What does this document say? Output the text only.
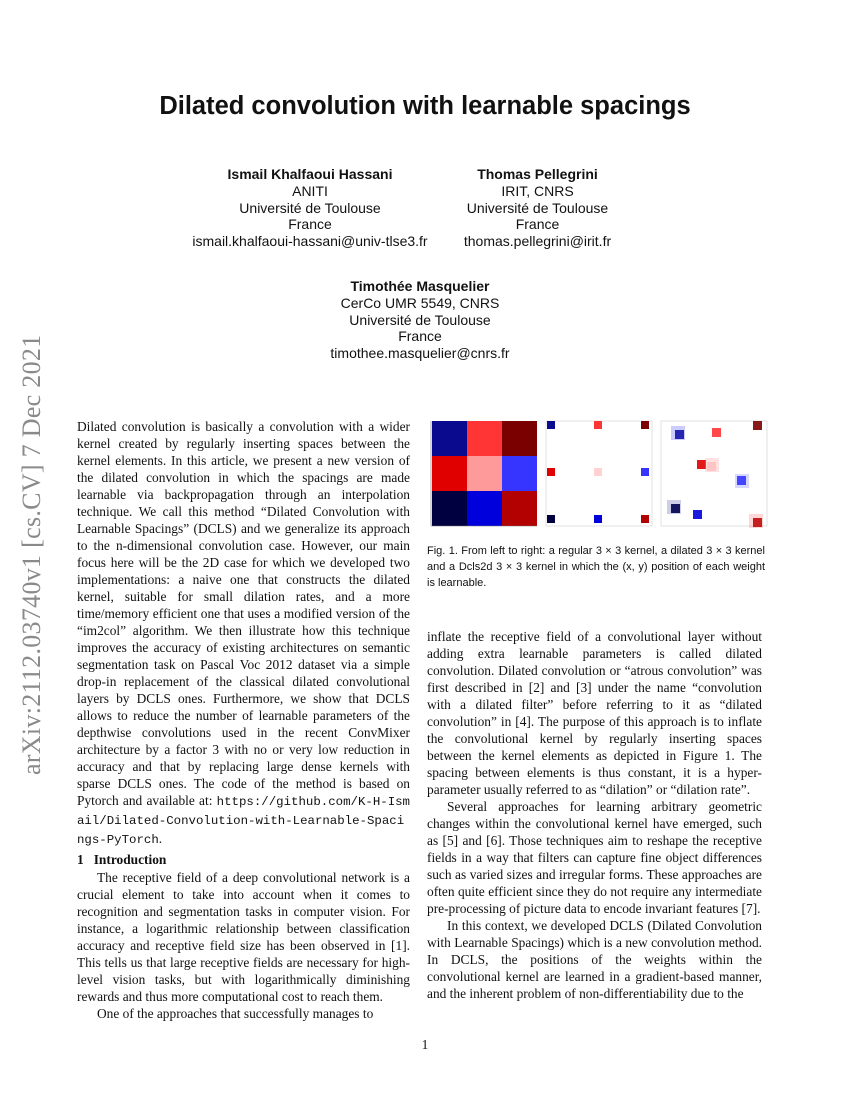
arXiv:2112.03740v1 [cs.CV] 7 Dec 2021
Dilated convolution with learnable spacings
Ismail Khalfaoui Hassani
ANITI
Université de Toulouse
France
ismail.khalfaoui-hassani@univ-tlse3.fr
Thomas Pellegrini
IRIT, CNRS
Université de Toulouse
France
thomas.pellegrini@irit.fr
Timothée Masquelier
CerCo UMR 5549, CNRS
Université de Toulouse
France
timothee.masquelier@cnrs.fr
Dilated convolution is basically a convolution with a wider kernel created by regularly inserting spaces between the kernel elements. In this article, we present a new version of the dilated convolution in which the spacings are made learnable via backpropagation through an interpolation technique. We call this method “Dilated Convolution with Learnable Spacings” (DCLS) and we generalize its approach to the n-dimensional convolution case. However, our main focus here will be the 2D case for which we developed two implementations: a naive one that constructs the dilated kernel, suitable for small dilation rates, and a more time/memory efficient one that uses a modified version of the “im2col” algorithm. We then illustrate how this technique improves the accuracy of existing architectures on semantic segmentation task on Pascal Voc 2012 dataset via a simple drop-in replacement of the classical dilated convolutional layers by DCLS ones. Furthermore, we show that DCLS allows to reduce the number of learnable parameters of the depthwise convolutions used in the recent ConvMixer architecture by a factor 3 with no or very low reduction in accuracy and that by replacing large dense kernels with sparse DCLS ones. The code of the method is based on Pytorch and available at: https://github.com/K-H-Ismail/Dilated-Convolution-with-Learnable-Spacings-PyTorch.
1 Introduction

The receptive field of a deep convolutional network is a crucial element to take into account when it comes to recognition and segmentation tasks in computer vision. For instance, a logarithmic relationship between classification accuracy and receptive field size has been observed in [1]. This tells us that large receptive fields are necessary for high-level vision tasks, but with logarithmically diminishing rewards and thus more computational cost to reach them.

One of the approaches that successfully manages to

Fig. 1. From left to right: a regular 3 × 3 kernel, a dilated 3 × 3 kernel and a Dcls2d 3 × 3 kernel in which the (x, y) position of each weight is learnable.

inflate the receptive field of a convolutional layer without adding extra learnable parameters is called dilated convolution. Dilated convolution or “atrous convolution” was first described in [2] and [3] under the name “convolution with a dilated filter” before referring to it as “dilated convolution” in [4]. The purpose of this approach is to inflate the convolutional kernel by regularly inserting spaces between the kernel elements as depicted in Figure 1. The spacing between elements is thus constant, it is a hyper-parameter usually referred to as “dilation” or “dilation rate”.

Several approaches for learning arbitrary geometric changes within the convolutional kernel have emerged, such as [5] and [6]. Those techniques aim to reshape the receptive fields in a way that filters can capture fine object differences such as varied sizes and irregular forms. These approaches are often quite efficient since they do not require any intermediate pre-processing of picture data to encode invariant features [7].

In this context, we developed DCLS (Dilated Convolution with Learnable Spacings) which is a new convolution method. In DCLS, the positions of the weights within the convolutional kernel are learned in a gradient-based manner, and the inherent problem of non-differentiability due to the

1
